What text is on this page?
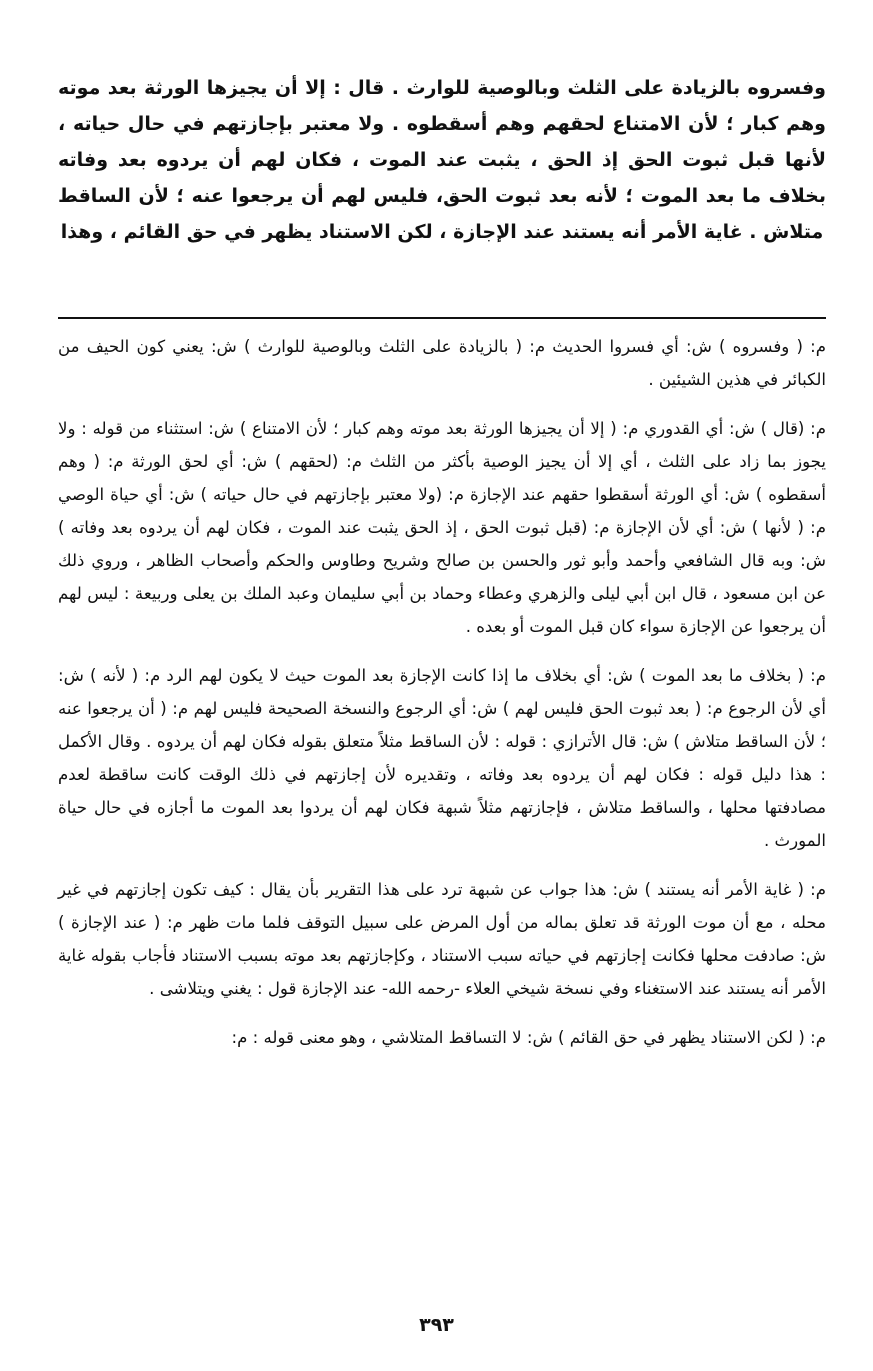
وفسروه بالزيادة على الثلث وبالوصية للوارث . قال : إلا أن يجيزها الورثة بعد موته وهم كبار ؛ لأن الامتناع لحقهم وهم أسقطوه . ولا معتبر بإجازتهم في حال حياته ، لأنها قبل ثبوت الحق إذ الحق ، يثبت عند الموت ، فكان لهم أن يردوه بعد وفاته بخلاف ما بعد الموت ؛ لأنه بعد ثبوت الحق، فليس لهم أن يرجعوا عنه ؛ لأن الساقط متلاش . غاية الأمر أنه يستند عند الإجازة ، لكن الاستناد يظهر في حق القائم ، وهذا

م: ( وفسروه ) ش: أي فسروا الحديث م: ( بالزيادة على الثلث وبالوصية للوارث ) ش: يعني كون الحيف من الكبائر في هذين الشيئين .

م: (قال ) ش: أي القدوري م: ( إلا أن يجيزها الورثة بعد موته وهم كبار ؛ لأن الامتناع ) ش: استثناء من قوله : ولا يجوز بما زاد على الثلث ، أي إلا أن يجيز الوصية بأكثر من الثلث م: (لحقهم ) ش: أي لحق الورثة م: ( وهم أسقطوه ) ش: أي الورثة أسقطوا حقهم عند الإجازة م: (ولا معتبر بإجازتهم في حال حياته ) ش: أي حياة الوصي م: ( لأنها ) ش: أي لأن الإجازة م: (قبل ثبوت الحق ، إذ الحق يثبت عند الموت ، فكان لهم أن يردوه بعد وفاته ) ش: وبه قال الشافعي وأحمد وأبو ثور والحسن بن صالح وشريح وطاوس والحكم وأصحاب الظاهر ، وروي ذلك عن ابن مسعود ، قال ابن أبي ليلى والزهري وعطاء وحماد بن أبي سليمان وعبد الملك بن يعلى وربيعة : ليس لهم أن يرجعوا عن الإجازة سواء كان قبل الموت أو بعده .

م: ( بخلاف ما بعد الموت ) ش: أي بخلاف ما إذا كانت الإجازة بعد الموت حيث لا يكون لهم الرد م: ( لأنه ) ش: أي لأن الرجوع م: ( بعد ثبوت الحق فليس لهم ) ش: أي الرجوع والنسخة الصحيحة فليس لهم م: ( أن يرجعوا عنه ؛ لأن الساقط متلاش ) ش: قال الأترازي : قوله : لأن الساقط مثلاً متعلق بقوله فكان لهم أن يردوه . وقال الأكمل : هذا دليل قوله : فكان لهم أن يردوه بعد وفاته ، وتقديره لأن إجازتهم في ذلك الوقت كانت ساقطة لعدم مصادفتها محلها ، والساقط متلاش ، فإجازتهم مثلاً شبهة فكان لهم أن يردوا بعد الموت ما أجازه في حال حياة المورث .

م: ( غاية الأمر أنه يستند ) ش: هذا جواب عن شبهة ترد على هذا التقرير بأن يقال : كيف تكون إجازتهم في غير محله ، مع أن موت الورثة قد تعلق بماله من أول المرض على سبيل التوقف فلما مات ظهر م: ( عند الإجازة ) ش: صادفت محلها فكانت إجازتهم في حياته سبب الاستناد ، وكإجازتهم بعد موته بسبب الاستناد فأجاب بقوله غاية الأمر أنه يستند عند الاستغناء وفي نسخة شيخي العلاء -رحمه الله- عند الإجازة قول : يغني ويتلاشى .

م: ( لكن الاستناد يظهر في حق القائم ) ش: لا التساقط المتلاشي ، وهو معنى قوله : م:

٣٩٣
